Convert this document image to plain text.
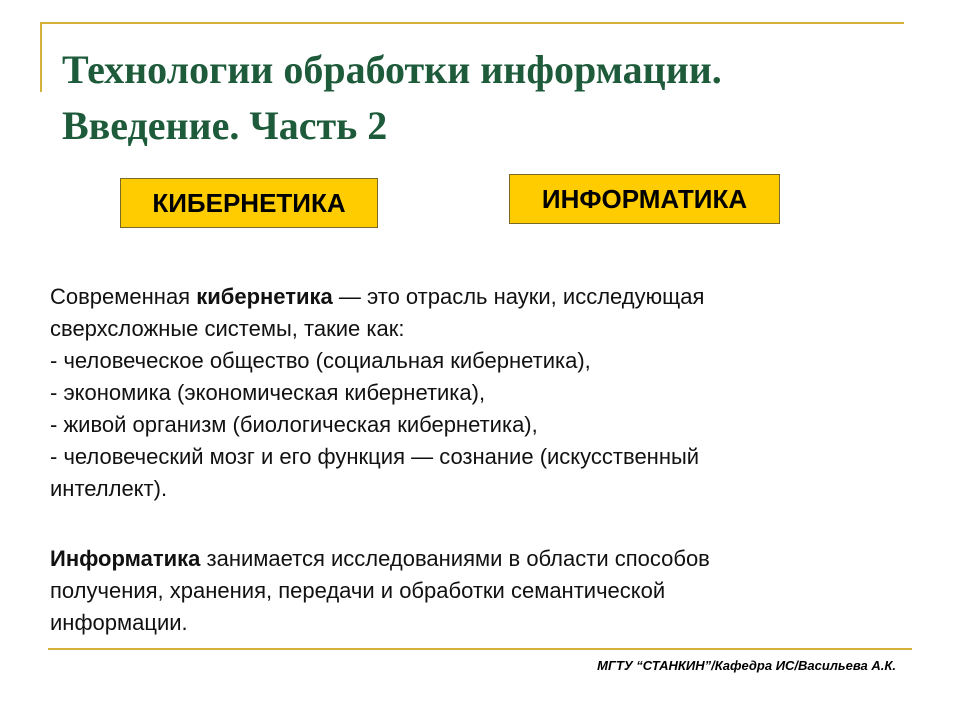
Технологии обработки информации.
Введение. Часть 2
КИБЕРНЕТИКА	ИНФОРМАТИКА

Современная кибернетика — это отрасль науки, исследующая

сверхсложные системы, такие как:

- человеческое общество (социальная кибернетика),

- экономика (экономическая кибернетика),

- живой организм (биологическая кибернетика),

- человеческий мозг и его функция — сознание (искусственный

интеллект).

Информатика занимается исследованиями в области способов

получения, хранения, передачи и обработки семантической

информации.

МГТУ “СТАНКИН”/Кафедра ИС/Васильева А.К.
